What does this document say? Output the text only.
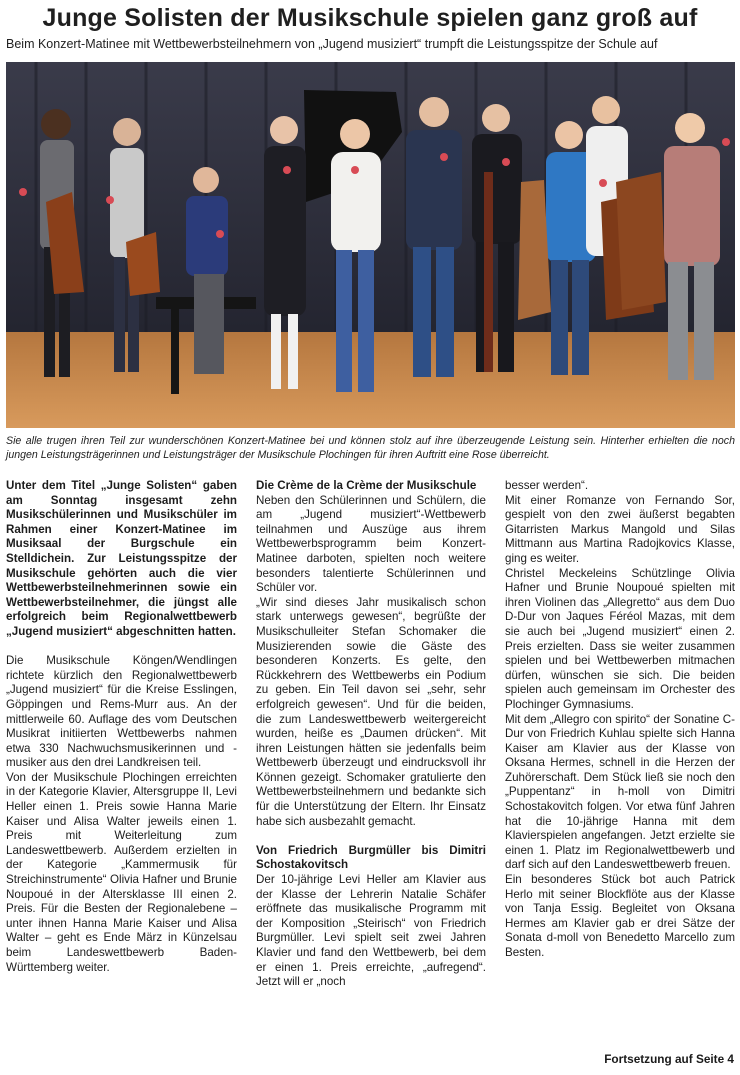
Junge Solisten der Musikschule spielen ganz groß auf
Beim Konzert-Matinee mit Wettbewerbsteilnehmern von „Jugend musiziert“ trumpft die Leistungsspitze der Schule auf
Sie alle trugen ihren Teil zur wunderschönen Konzert-Matinee bei und können stolz auf ihre überzeugende Leistung sein. Hinterher erhielten die noch jungen Leistungsträgerinnen und Leistungsträger der Musikschule Plochingen für ihren Auftritt eine Rose überreicht.

Unter dem Titel „Junge Solisten“ gaben am Sonntag insgesamt zehn Musikschülerinnen und Musikschüler im Rahmen einer Konzert-Matinee im Musiksaal der Burgschule ein Stelldichein. Zur Leistungsspitze der Musikschule gehörten auch die vier Wettbewerbsteilnehmerinnen sowie ein Wettbewerbsteilnehmer, die jüngst alle erfolgreich beim Regionalwettbewerb „Jugend musiziert“ abgeschnitten hatten.

Die Musikschule Köngen/Wendlingen richtete kürzlich den Regionalwettbewerb „Jugend musiziert“ für die Kreise Esslingen, Göppingen und Rems-Murr aus. An der mittlerweile 60. Auflage des vom Deutschen Musikrat initiierten Wettbewerbs nahmen etwa 330 Nachwuchsmusikerinnen und -musiker aus den drei Landkreisen teil.

Von der Musikschule Plochingen erreichten in der Kategorie Klavier, Altersgruppe II, Levi Heller einen 1. Preis sowie Hanna Marie Kaiser und Alisa Walter jeweils einen 1. Preis mit Weiterleitung zum Landeswettbewerb. Außerdem erzielten in der Kategorie „Kammermusik für Streichinstrumente“ Olivia Hafner und Brunie Noupoué in der Altersklasse III einen 2. Preis. Für die Besten der Regionalebene – unter ihnen Hanna Marie Kaiser und Alisa Walter – geht es Ende März in Künzelsau beim Landeswettbewerb Baden-Württemberg weiter.

Die Crème de la Crème der Musikschule

Neben den Schülerinnen und Schülern, die am „Jugend musiziert“-Wettbewerb teilnahmen und Auszüge aus ihrem Wettbewerbsprogramm beim Konzert-Matinee darboten, spielten noch weitere besonders talentierte Schülerinnen und Schüler vor.

„Wir sind dieses Jahr musikalisch schon stark unterwegs gewesen“, begrüßte der Musikschulleiter Stefan Schomaker die Musizierenden sowie die Gäste des besonderen Konzerts. Es gelte, den Rückkehrern des Wettbewerbs ein Podium zu geben. Ein Teil davon sei „sehr, sehr erfolgreich gewesen“. Und für die beiden, die zum Landeswettbewerb weitergereicht wurden, heiße es „Daumen drücken“. Mit ihren Leistungen hätten sie jedenfalls beim Wettbewerb überzeugt und eindrucksvoll ihr Können gezeigt. Schomaker gratulierte den Wettbewerbsteilnehmern und bedankte sich für die Unterstützung der Eltern. Ihr Einsatz habe sich ausbezahlt gemacht.

Von Friedrich Burgmüller bis Dimitri Schostakovitsch

Der 10-jährige Levi Heller am Klavier aus der Klasse der Lehrerin Natalie Schäfer eröffnete das musikalische Programm mit der Komposition „Steirisch“ von Friedrich Burgmüller. Levi spielt seit zwei Jahren Klavier und fand den Wettbewerb, bei dem er einen 1. Preis erreichte, „aufregend“. Jetzt will er „noch

besser werden“.

Mit einer Romanze von Fernando Sor, gespielt von den zwei äußerst begabten Gitarristen Markus Mangold und Silas Mittmann aus Martina Radojkovics Klasse, ging es weiter.

Christel Meckeleins Schützlinge Olivia Hafner und Brunie Noupoué spielten mit ihren Violinen das „Allegretto“ aus dem Duo D-Dur von Jaques Féréol Mazas, mit dem sie auch bei „Jugend musiziert“ einen 2. Preis erzielten. Dass sie weiter zusammen spielen und bei Wettbewerben mitmachen dürfen, wünschen sie sich. Die beiden spielen auch gemeinsam im Orchester des Plochinger Gymnasiums.

Mit dem „Allegro con spirito“ der Sonatine C-Dur von Friedrich Kuhlau spielte sich Hanna Kaiser am Klavier aus der Klasse von Oksana Hermes, schnell in die Herzen der Zuhörerschaft. Dem Stück ließ sie noch den „Puppentanz“ in h-moll von Dimitri Schostakovitch folgen. Vor etwa fünf Jahren hat die 10-jährige Hanna mit dem Klavierspielen angefangen. Jetzt erzielte sie einen 1. Platz im Regionalwettbewerb und darf sich auf den Landeswettbewerb freuen.

Ein besonderes Stück bot auch Patrick Herlo mit seiner Blockflöte aus der Klasse von Tanja Essig. Begleitet von Oksana Hermes am Klavier gab er drei Sätze der Sonata d-moll von Benedetto Marcello zum Besten.

Fortsetzung auf Seite 4
